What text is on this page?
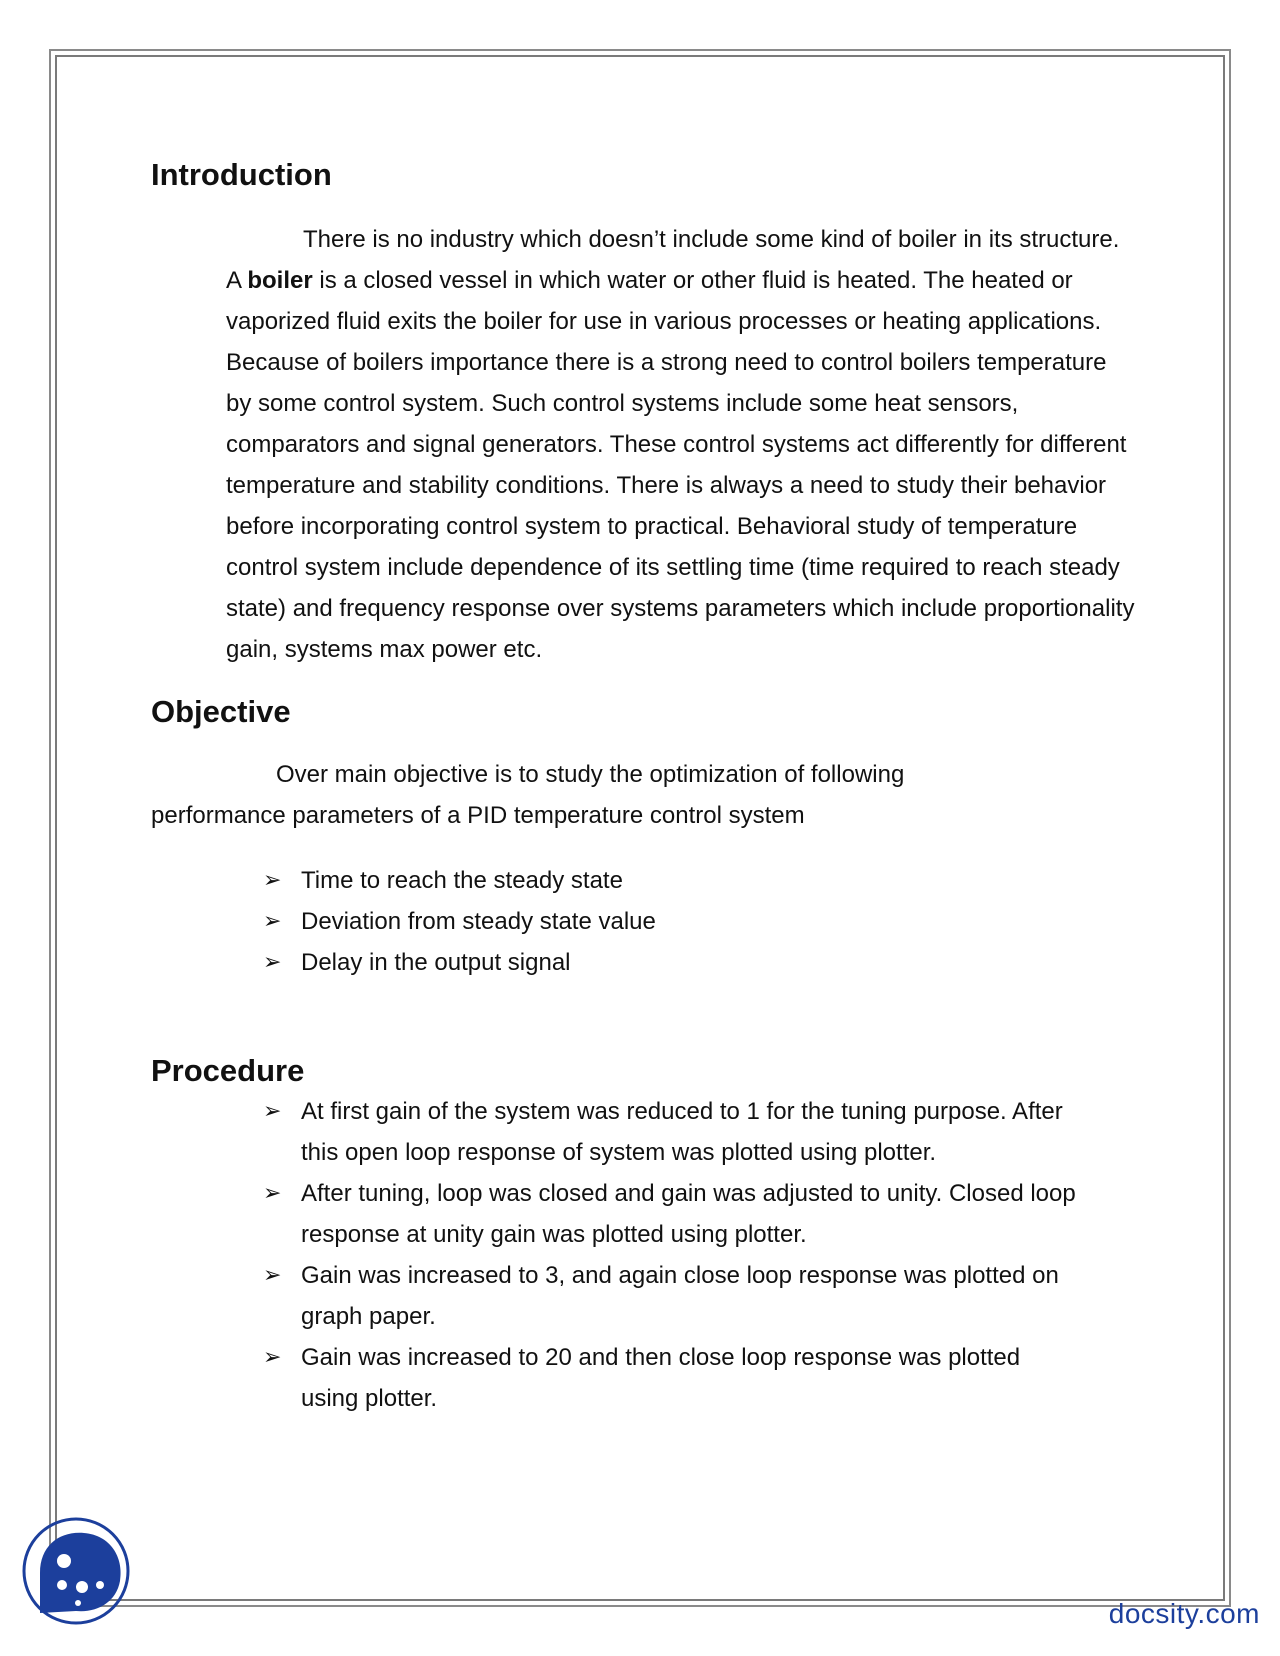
Introduction

There is no industry which doesn’t include some kind of boiler in its structure. A boiler is a closed vessel in which water or other fluid is heated. The heated or vaporized fluid exits the boiler for use in various processes or heating applications. Because of boilers importance there is a strong need to control boilers temperature by some control system. Such control systems include some heat sensors, comparators and signal generators. These control systems act differently for different temperature and stability conditions. There is always a need to study their behavior before incorporating control system to practical. Behavioral study of temperature control system include dependence of its settling time (time required to reach steady state) and frequency response over systems parameters which include proportionality gain, systems max power etc.

Objective

Over main objective is to study the optimization of following performance parameters of a PID temperature control system

➢ Time to reach the steady state
➢ Deviation from steady state value
➢ Delay in the output signal
Procedure
➢ At first gain of the system was reduced to 1 for the tuning purpose. After this open loop response of system was plotted using plotter.
➢ After tuning, loop was closed and gain was adjusted to unity. Closed loop response at unity gain was plotted using plotter.
➢ Gain was increased to 3, and again close loop response was plotted on graph paper.
➢ Gain was increased to 20 and then close loop response was plotted using plotter.
docsity.com
